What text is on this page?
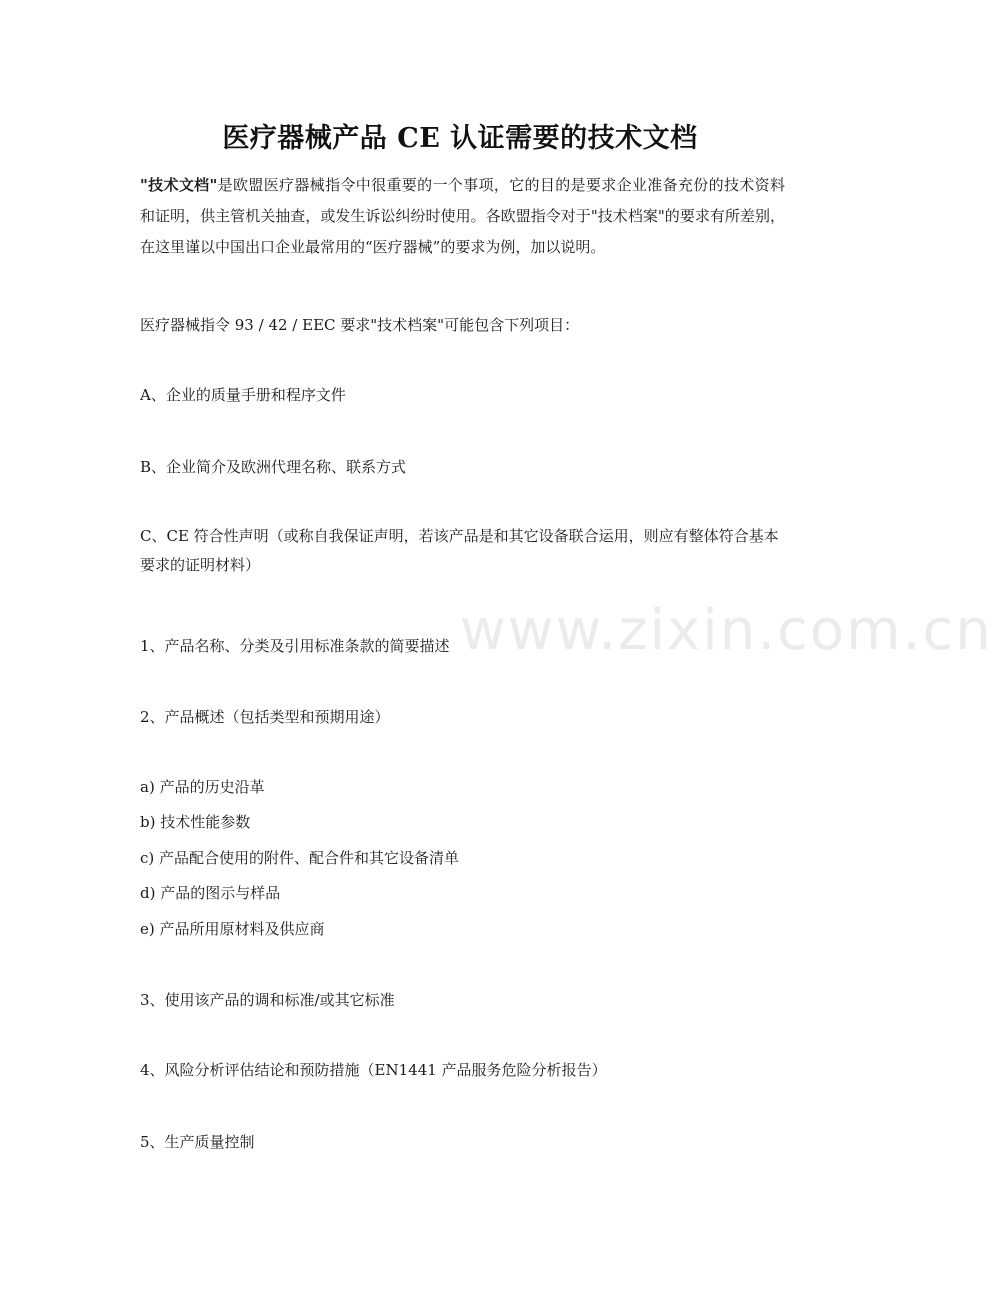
www.zixin.com.cn
医疗器械产品 CE 认证需要的技术文档
"技术文档"是欧盟医疗器械指令中很重要的一个事项，它的目的是要求企业准备充份的技术资料和证明，供主管机关抽查，或发生诉讼纠纷时使用。各欧盟指令对于"技术档案"的要求有所差别，在这里谨以中国出口企业最常用的“医疗器械”的要求为例，加以说明。
医疗器械指令 93 / 42 / EEC 要求"技术档案"可能包含下列项目：
A、企业的质量手册和程序文件
B、企业简介及欧洲代理名称、联系方式
C、CE 符合性声明（或称自我保证声明，若该产品是和其它设备联合运用，则应有整体符合基本要求的证明材料）
1、产品名称、分类及引用标准条款的简要描述
2、产品概述（包括类型和预期用途）
a) 产品的历史沿革
b) 技术性能参数
c) 产品配合使用的附件、配合件和其它设备清单
d) 产品的图示与样品
e) 产品所用原材料及供应商
3、使用该产品的调和标准/或其它标准
4、风险分析评估结论和预防措施（EN1441 产品服务危险分析报告）
5、生产质量控制
